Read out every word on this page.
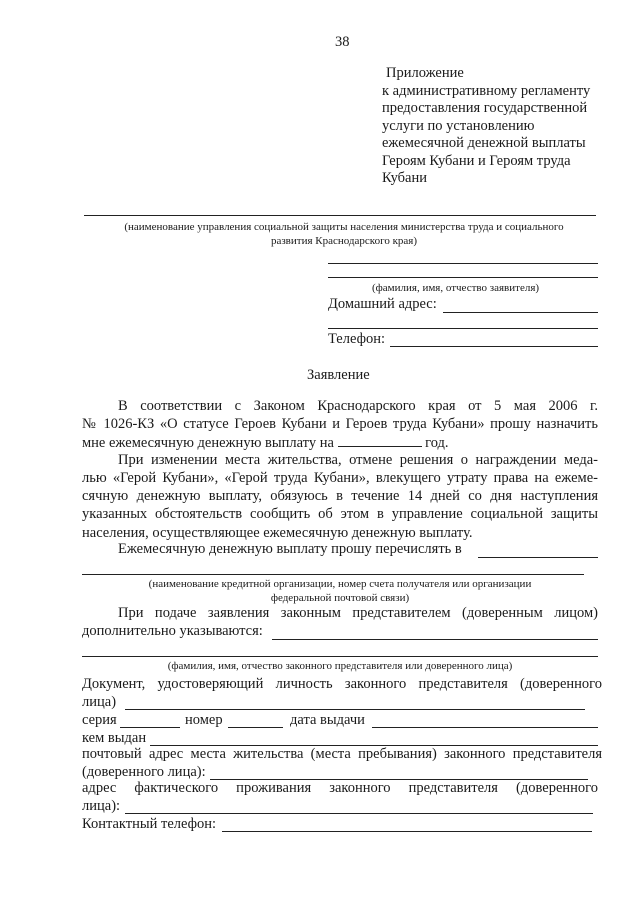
38
Приложение
к административному регламенту
предоставления государственной
услуги по установлению
ежемесячной денежной выплаты
Героям Кубани и Героям труда
Кубани
(наименование управления социальной защиты населения министерства труда и социального
развития Краснодарского края)
(фамилия, имя, отчество заявителя)
Домашний адрес:
Телефон:
Заявление
В соответствии с Законом Краснодарского края от 5 мая 2006 г.
№ 1026-КЗ «О статусе Героев Кубани и Героев труда Кубани» прошу назначить
мне ежемесячную денежную выплату на	год.
При изменении места жительства, отмене решения о награждении меда-
лью «Герой Кубани», «Герой труда Кубани», влекущего утрату права на ежеме-
сячную денежную выплату, обязуюсь в течение 14 дней со дня наступления
указанных обстоятельств сообщить об этом в управление социальной защиты
населения, осуществляющее ежемесячную денежную выплату.
Ежемесячную денежную выплату прошу перечислять в
(наименование кредитной организации, номер счета получателя или организации
федеральной почтовой связи)
При подаче заявления законным представителем (доверенным лицом)
дополнительно указываются:
(фамилия, имя, отчество законного представителя или доверенного лица)
Документ, удостоверяющий личность законного представителя (доверенного
лица)
серия	номер	дата выдачи
кем выдан
почтовый адрес места жительства (места пребывания) законного представителя
(доверенного лица):
адрес фактического проживания законного представителя (доверенного
лица):
Контактный телефон:
